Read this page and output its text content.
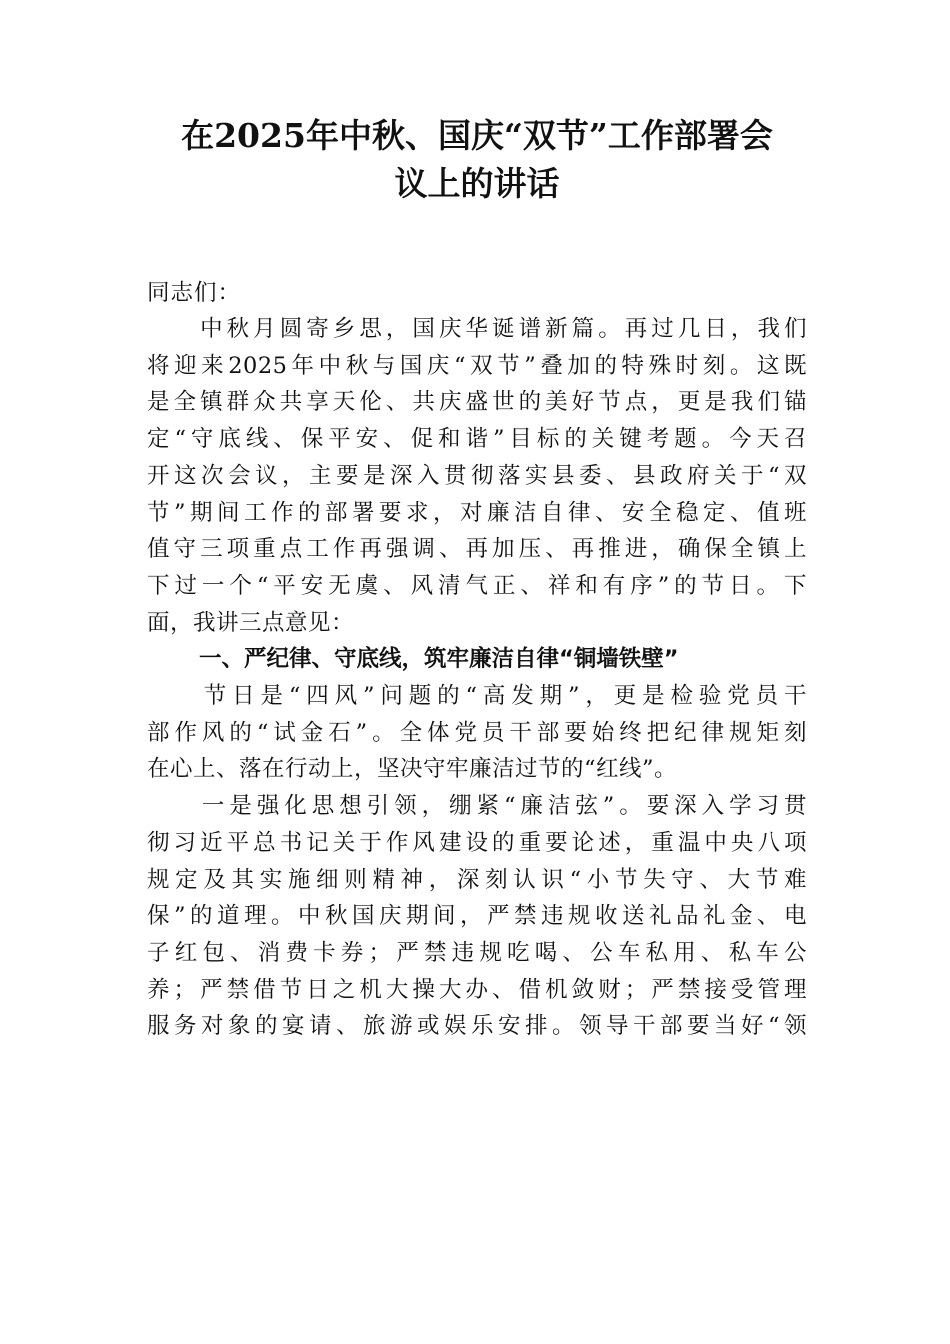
在2025年中秋、国庆“双节”工作部署会
议上的讲话

同志们：

　　中秋月圆寄乡思，国庆华诞谱新篇。再过几日，我们
将迎来2025年中秋与国庆“双节”叠加的特殊时刻。这既
是全镇群众共享天伦、共庆盛世的美好节点，更是我们锚
定“守底线、保平安、促和谐”目标的关键考题。今天召
开这次会议，主要是深入贯彻落实县委、县政府关于“双
节”期间工作的部署要求，对廉洁自律、安全稳定、值班
值守三项重点工作再强调、再加压、再推进，确保全镇上
下过一个“平安无虞、风清气正、祥和有序”的节日。下
面，我讲三点意见：
一、严纪律、守底线，筑牢廉洁自律“铜墙铁壁”
　　节日是“四风”问题的“高发期”，更是检验党员干
部作风的“试金石”。全体党员干部要始终把纪律规矩刻
在心上、落在行动上，坚决守牢廉洁过节的“红线”。
　　一是强化思想引领，绷紧“廉洁弦”。要深入学习贯
彻习近平总书记关于作风建设的重要论述，重温中央八项
规定及其实施细则精神，深刻认识“小节失守、大节难
保”的道理。中秋国庆期间，严禁违规收送礼品礼金、电
子红包、消费卡券；严禁违规吃喝、公车私用、私车公
养；严禁借节日之机大操大办、借机敛财；严禁接受管理
服务对象的宴请、旅游或娱乐安排。领导干部要当好“领
